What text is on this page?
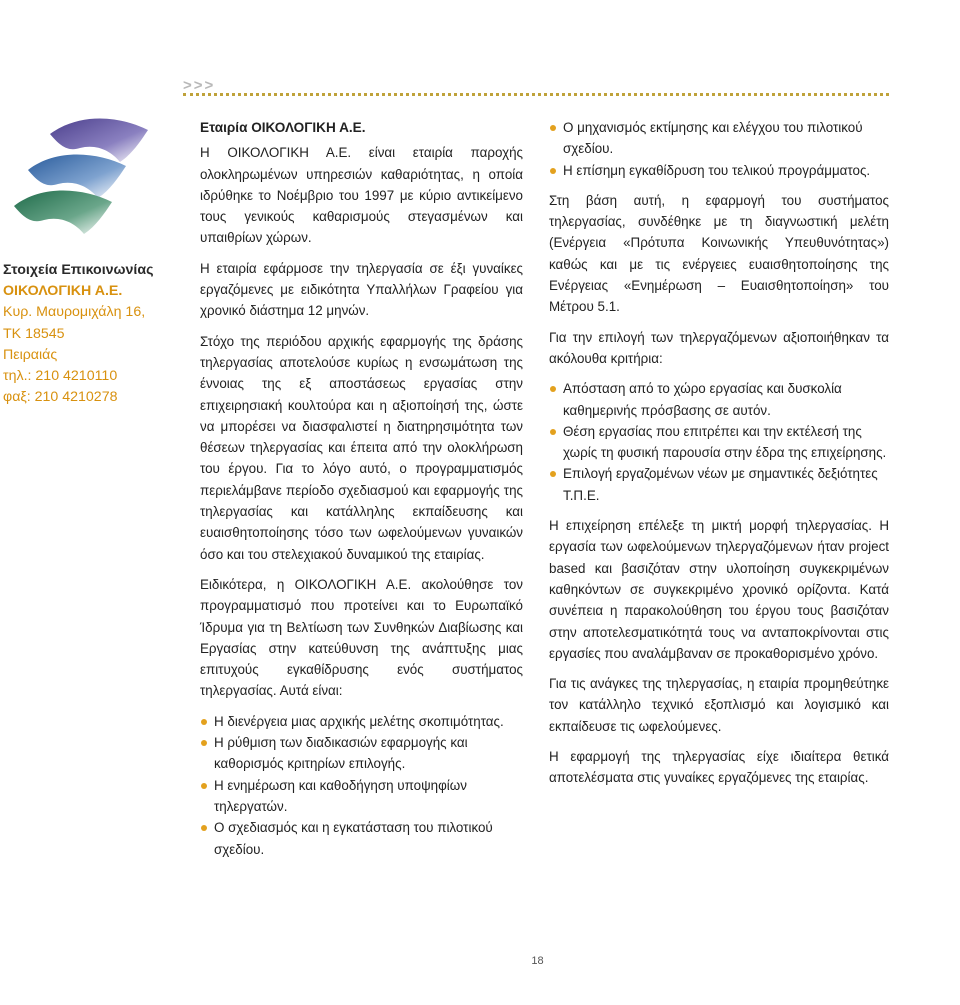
>>>
Στοιχεία Επικοινωνίας
ΟΙΚΟΛΟΓΙΚΗ Α.Ε.
Κυρ. Μαυρομιχάλη 16,
ΤΚ 18545
Πειραιάς
τηλ.: 210 4210110
φαξ: 210 4210278

Εταιρία ΟΙΚΟΛΟΓΙΚΗ Α.Ε.

Η ΟΙΚΟΛΟΓΙΚΗ Α.Ε. είναι εταιρία παροχής ολοκληρωμένων υπηρεσιών καθαριότητας, η οποία ιδρύθηκε το Νοέμβριο του 1997 με κύριο αντικείμενο τους γενικούς καθαρισμούς στεγασμένων και υπαιθρίων χώρων.

Η εταιρία εφάρμοσε την τηλεργασία σε έξι γυναίκες εργαζόμενες με ειδικότητα Υπαλλήλων Γραφείου για χρονικό διάστημα 12 μηνών.

Στόχο της περιόδου αρχικής εφαρμογής της δράσης τηλεργασίας αποτελούσε κυρίως η ενσωμάτωση της έννοιας της εξ αποστάσεως εργασίας στην επιχειρησιακή κουλτούρα και η αξιοποίησή της, ώστε να μπορέσει να διασφαλιστεί η διατηρησιμότητα των θέσεων τηλεργασίας και έπειτα από την ολοκλήρωση του έργου. Για το λόγο αυτό, ο προγραμματισμός περιελάμβανε περίοδο σχεδιασμού και εφαρμογής της τηλεργασίας και κατάλληλης εκπαίδευσης και ευαισθητοποίησης τόσο των ωφελούμενων γυναικών όσο και του στελεχιακού δυναμικού της εταιρίας.

Ειδικότερα, η ΟΙΚΟΛΟΓΙΚΗ Α.Ε. ακολούθησε τον προγραμματισμό που προτείνει και το Ευρωπαϊκό Ίδρυμα για τη Βελτίωση των Συνθηκών Διαβίωσης και Εργασίας στην κατεύθυνση της ανάπτυξης μιας επιτυχούς εγκαθίδρυσης ενός συστήματος τηλεργασίας. Αυτά είναι:

Η διενέργεια μιας αρχικής μελέτης σκοπιμότητας.
Η ρύθμιση των διαδικασιών εφαρμογής και καθορισμός κριτηρίων επιλογής.
Η ενημέρωση και καθοδήγηση υποψηφίων τηλεργατών.
Ο σχεδιασμός και η εγκατάσταση του πιλοτικού σχεδίου.
Ο μηχανισμός εκτίμησης και ελέγχου του πιλοτικού σχεδίου.
Η επίσημη εγκαθίδρυση του τελικού προγράμματος.

Στη βάση αυτή, η εφαρμογή του συστήματος τηλεργασίας, συνδέθηκε με τη διαγνωστική μελέτη (Ενέργεια «Πρότυπα Κοινωνικής Υπευθυνότητας») καθώς και με τις ενέργειες ευαισθητοποίησης της Ενέργειας «Ενημέρωση – Ευαισθητοποίηση» του Μέτρου 5.1.

Για την επιλογή των τηλεργαζόμενων αξιοποιήθηκαν τα ακόλουθα κριτήρια:

Απόσταση από το χώρο εργασίας και δυσκολία καθημερινής πρόσβασης σε αυτόν.
Θέση εργασίας που επιτρέπει και την εκτέλεσή της χωρίς τη φυσική παρουσία στην έδρα της επιχείρησης.
Επιλογή εργαζομένων νέων με σημαντικές δεξιότητες Τ.Π.Ε.

Η επιχείρηση επέλεξε τη μικτή μορφή τηλεργασίας. Η εργασία των ωφελούμενων τηλεργαζόμενων ήταν project based και βασιζόταν στην υλοποίηση συγκεκριμένων καθηκόντων σε συγκεκριμένο χρονικό ορίζοντα. Κατά συνέπεια η παρακολούθηση του έργου τους βασιζόταν στην αποτελεσματικότητά τους να ανταποκρίνονται στις εργασίες που αναλάμβαναν σε προκαθορισμένο χρόνο.

Για τις ανάγκες της τηλεργασίας, η εταιρία προμηθεύτηκε τον κατάλληλο τεχνικό εξοπλισμό και λογισμικό και εκπαίδευσε τις ωφελούμενες.

Η εφαρμογή της τηλεργασίας είχε ιδιαίτερα θετικά αποτελέσματα στις γυναίκες εργαζόμενες της εταιρίας.

18
